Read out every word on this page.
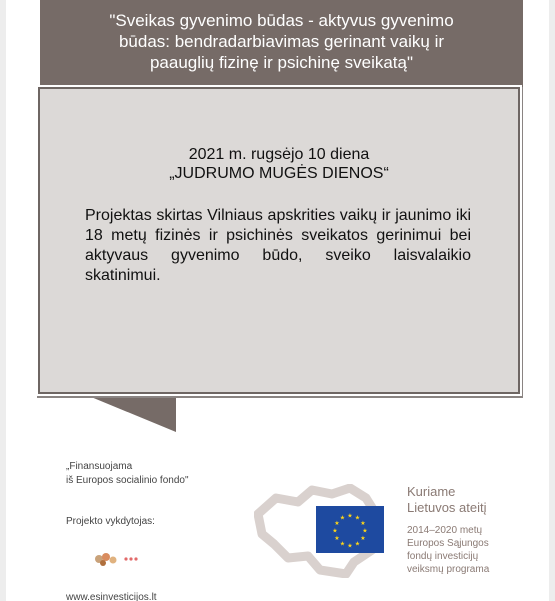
"Sveikas gyvenimo būdas - aktyvus gyvenimo
būdas: bendradarbiavimas gerinant vaikų ir
paauglių fizinę ir psichinę sveikatą"
2021 m. rugsėjo 10 diena
„JUDRUMO MUGĖS DIENOS“
Projektas skirtas Vilniaus apskrities vaikų ir jaunimo iki 18 metų fizinės ir psichinės sveikatos gerinimui bei aktyvaus gyvenimo būdo, sveiko laisvalaikio skatinimui.
„Finansuojama
iš Europos socialinio fondo"
Projekto vykdytojas:
www.esinvesticijos.lt
★ ★
★
★
★
★
★
★
★
★
★
★
Kuriame
Lietuvos ateitį
2014–2020 metų
Europos Sąjungos
fondų investicijų
veiksmų programa
